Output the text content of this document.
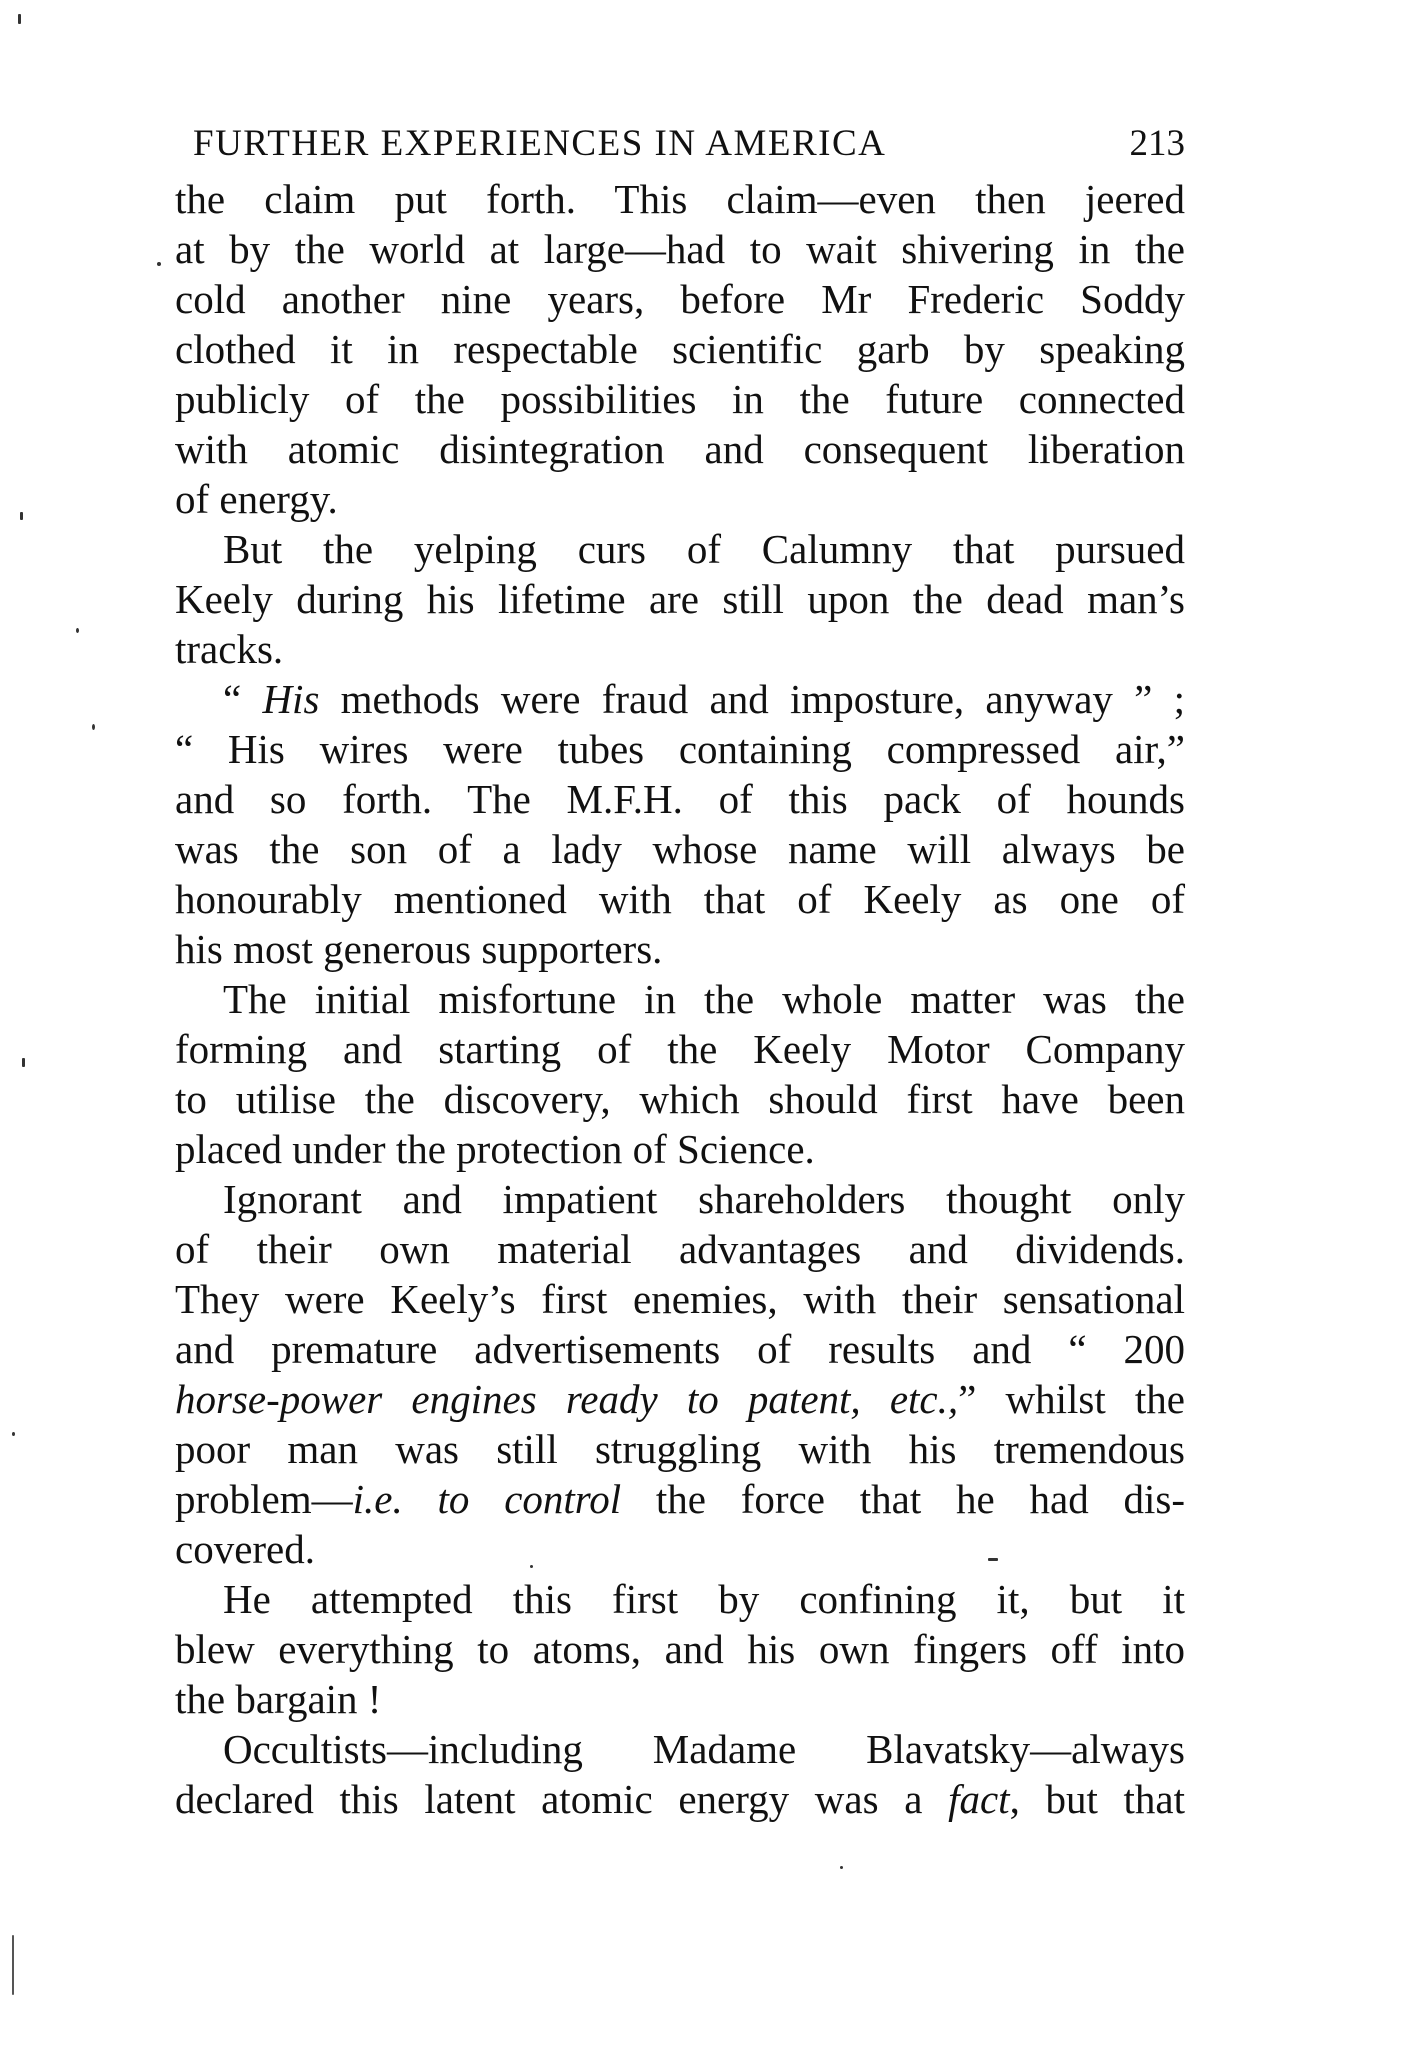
FURTHER EXPERIENCES IN AMERICA	213
the claim put forth. This claim—even then jeered
at by the world at large—had to wait shivering in the
cold another nine years, before Mr Frederic Soddy
clothed it in respectable scientific garb by speaking
publicly of the possibilities in the future connected
with atomic disintegration and consequent liberation
of energy.
But the yelping curs of Calumny that pursued
Keely during his lifetime are still upon the dead man’s
tracks.
“ His methods were fraud and imposture, anyway ” ;
“ His wires were tubes containing compressed air,”
and so forth. The M.F.H. of this pack of hounds
was the son of a lady whose name will always be
honourably mentioned with that of Keely as one of
his most generous supporters.
The initial misfortune in the whole matter was the
forming and starting of the Keely Motor Company
to utilise the discovery, which should first have been
placed under the protection of Science.
Ignorant and impatient shareholders thought only
of their own material advantages and dividends.
They were Keely’s first enemies, with their sensational
and premature advertisements of results and “ 200
horse-power engines ready to patent, etc.,” whilst the
poor man was still struggling with his tremendous
problem—i.e. to control the force that he had dis-
covered.
He attempted this first by confining it, but it
blew everything to atoms, and his own fingers off into
the bargain !
Occultists—including Madame Blavatsky—always
declared this latent atomic energy was a fact, but that
